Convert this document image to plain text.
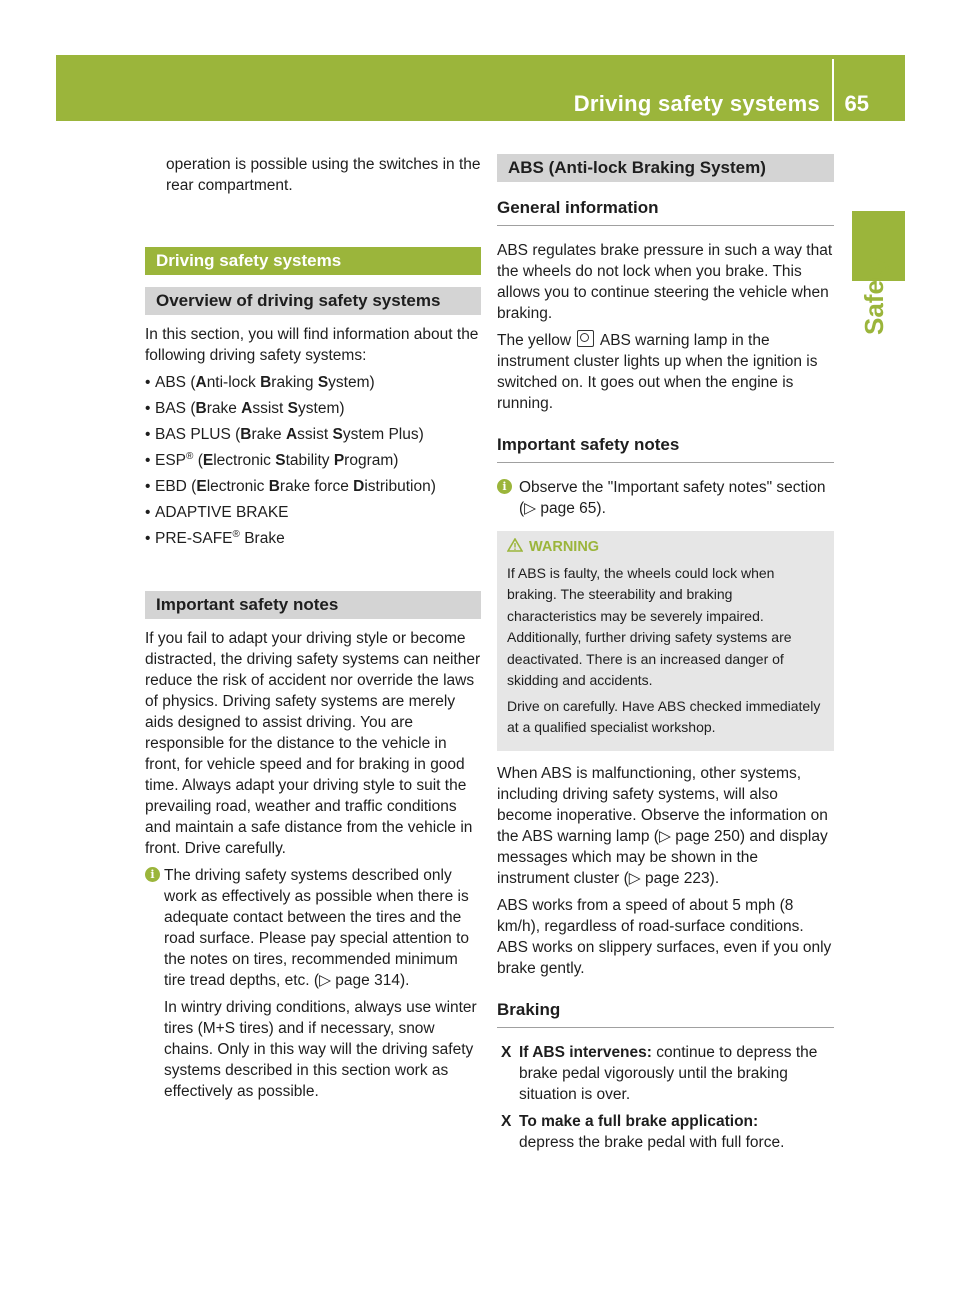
Driving safety systems 65
Safety

operation is possible using the switches in the rear compartment.

Driving safety systems
Overview of driving safety systems

In this section, you will find information about the following driving safety systems:

• ABS (Anti-lock Braking System)
• BAS (Brake Assist System)
• BAS PLUS (Brake Assist System Plus)
• ESP® (Electronic Stability Program)
• EBD (Electronic Brake force Distribution)
• ADAPTIVE BRAKE
• PRE-SAFE® Brake
Important safety notes

If you fail to adapt your driving style or become distracted, the driving safety systems can neither reduce the risk of accident nor override the laws of physics. Driving safety systems are merely aids designed to assist driving. You are responsible for the distance to the vehicle in front, for vehicle speed and for braking in good time. Always adapt your driving style to suit the prevailing road, weather and traffic conditions and maintain a safe distance from the vehicle in front. Drive carefully.

i The driving safety systems described only work as effectively as possible when there is adequate contact between the tires and the road surface. Please pay special attention to the notes on tires, recommended minimum tire tread depths, etc. (▷ page 314).

In wintry driving conditions, always use winter tires (M+S tires) and if necessary, snow chains. Only in this way will the driving safety systems described in this section work as effectively as possible.

ABS (Anti-lock Braking System)
General information

ABS regulates brake pressure in such a way that the wheels do not lock when you brake. This allows you to continue steering the vehicle when braking.

The yellow ABS warning lamp in the instrument cluster lights up when the ignition is switched on. It goes out when the engine is running.

Important safety notes
i Observe the "Important safety notes" section (▷ page 65).

WARNING

If ABS is faulty, the wheels could lock when braking. The steerability and braking characteristics may be severely impaired. Additionally, further driving safety systems are deactivated. There is an increased danger of skidding and accidents.

Drive on carefully. Have ABS checked immediately at a qualified specialist workshop.

When ABS is malfunctioning, other systems, including driving safety systems, will also become inoperative. Observe the information on the ABS warning lamp (▷ page 250) and display messages which may be shown in the instrument cluster (▷ page 223).

ABS works from a speed of about 5 mph (8 km/h), regardless of road-surface conditions. ABS works on slippery surfaces, even if you only brake gently.

Braking
X If ABS intervenes: continue to depress the brake pedal vigorously until the braking situation is over.
X To make a full brake application:
depress the brake pedal with full force.
